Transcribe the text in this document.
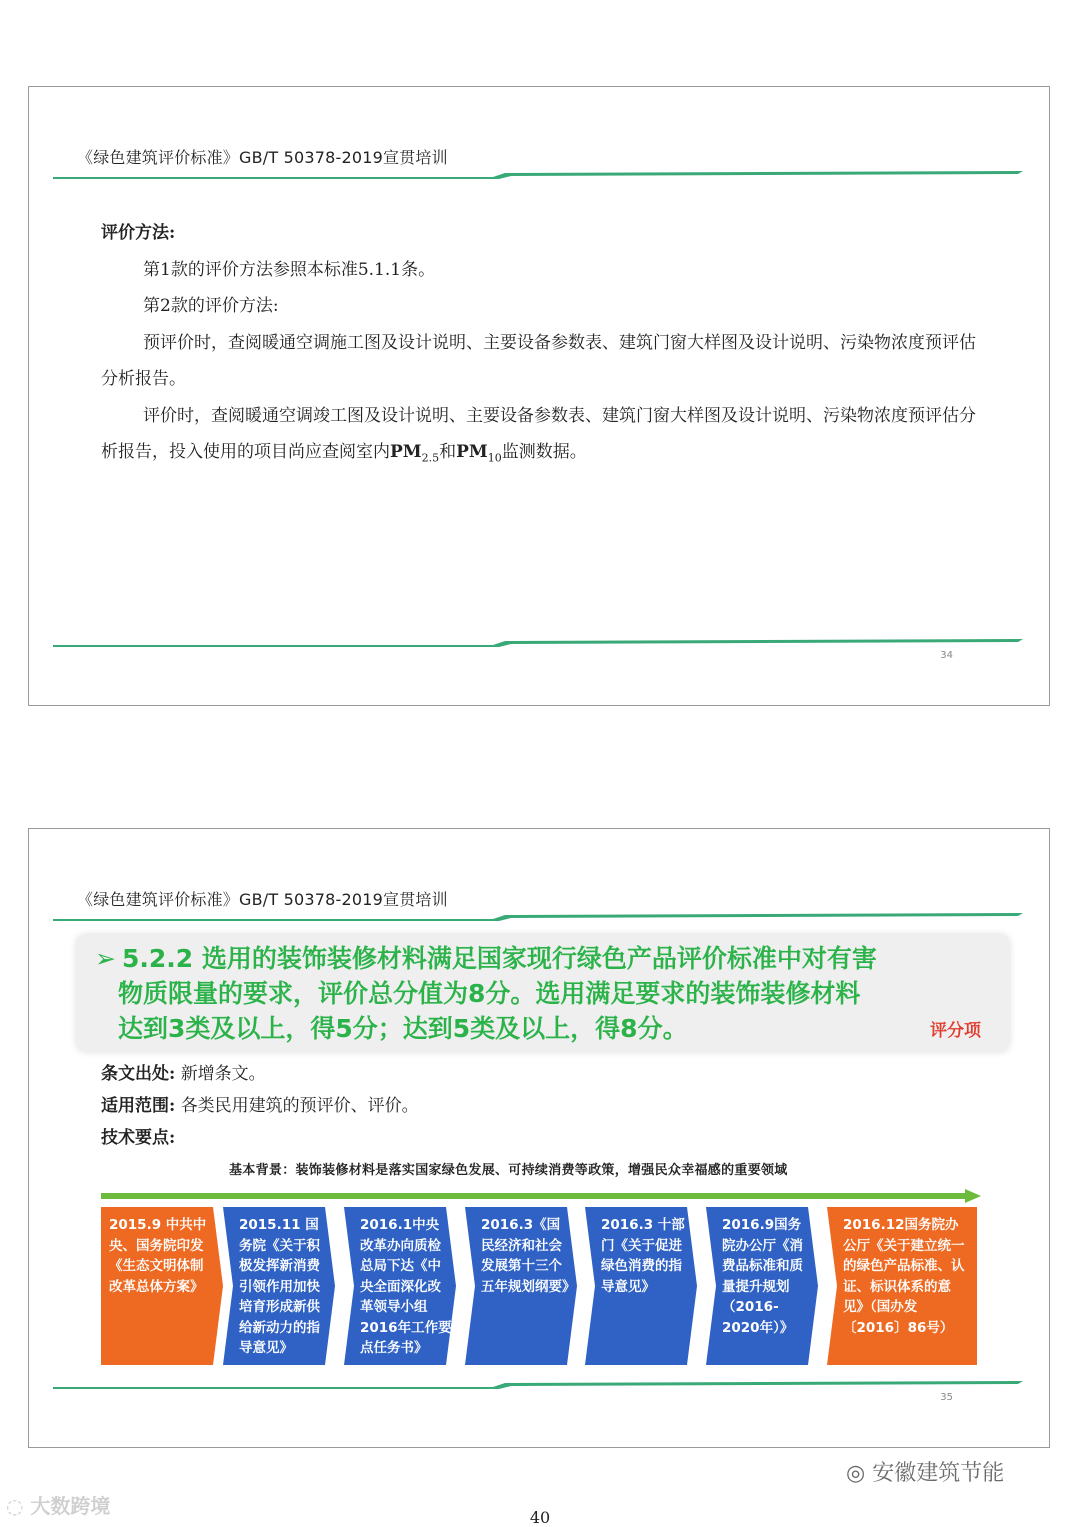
《绿色建筑评价标准》GB/T 50378-2019宣贯培训

评价方法:

第1款的评价方法参照本标准5.1.1条。

第2款的评价方法:

预评价时，查阅暖通空调施工图及设计说明、主要设备参数表、建筑门窗大样图及设计说明、污染物浓度预评估分析报告。

评价时，查阅暖通空调竣工图及设计说明、主要设备参数表、建筑门窗大样图及设计说明、污染物浓度预评估分析报告，投入使用的项目尚应查阅室内$PM_{2.5}$和$PM_{10}$监测数据。

34
《绿色建筑评价标准》GB/T 50378-2019宣贯培训
➢ 5.2.2 选用的装饰装修材料满足国家现行绿色产品评价标准中对有害
物质限量的要求，评价总分值为8分。选用满足要求的装饰装修材料
达到3类及以上，得5分；达到5类及以上，得8分。	评分项
条文出处: 新增条文。
适用范围: 各类民用建筑的预评价、评价。
技术要点:
基本背景：装饰装修材料是落实国家绿色发展、可持续消费等政策，增强民众幸福感的重要领域
2015.9 中共中央、国务院印发《生态文明体制改革总体方案》
2015.11 国务院《关于积极发挥新消费引领作用加快培育形成新供给新动力的指导意见》
2016.1中央改革办向质检总局下达《中央全面深化改革领导小组2016年工作要点任务书》
2016.3《国民经济和社会发展第十三个五年规划纲要》
2016.3 十部门《关于促进绿色消费的指导意见》
2016.9国务院办公厅《消费品标准和质量提升规划（2016-2020年）》
2016.12国务院办公厅《关于建立统一的绿色产品标准、认证、标识体系的意见》（国办发〔2016〕86号）
35
◎ 安徽建筑节能
◌ 大数跨境	40
